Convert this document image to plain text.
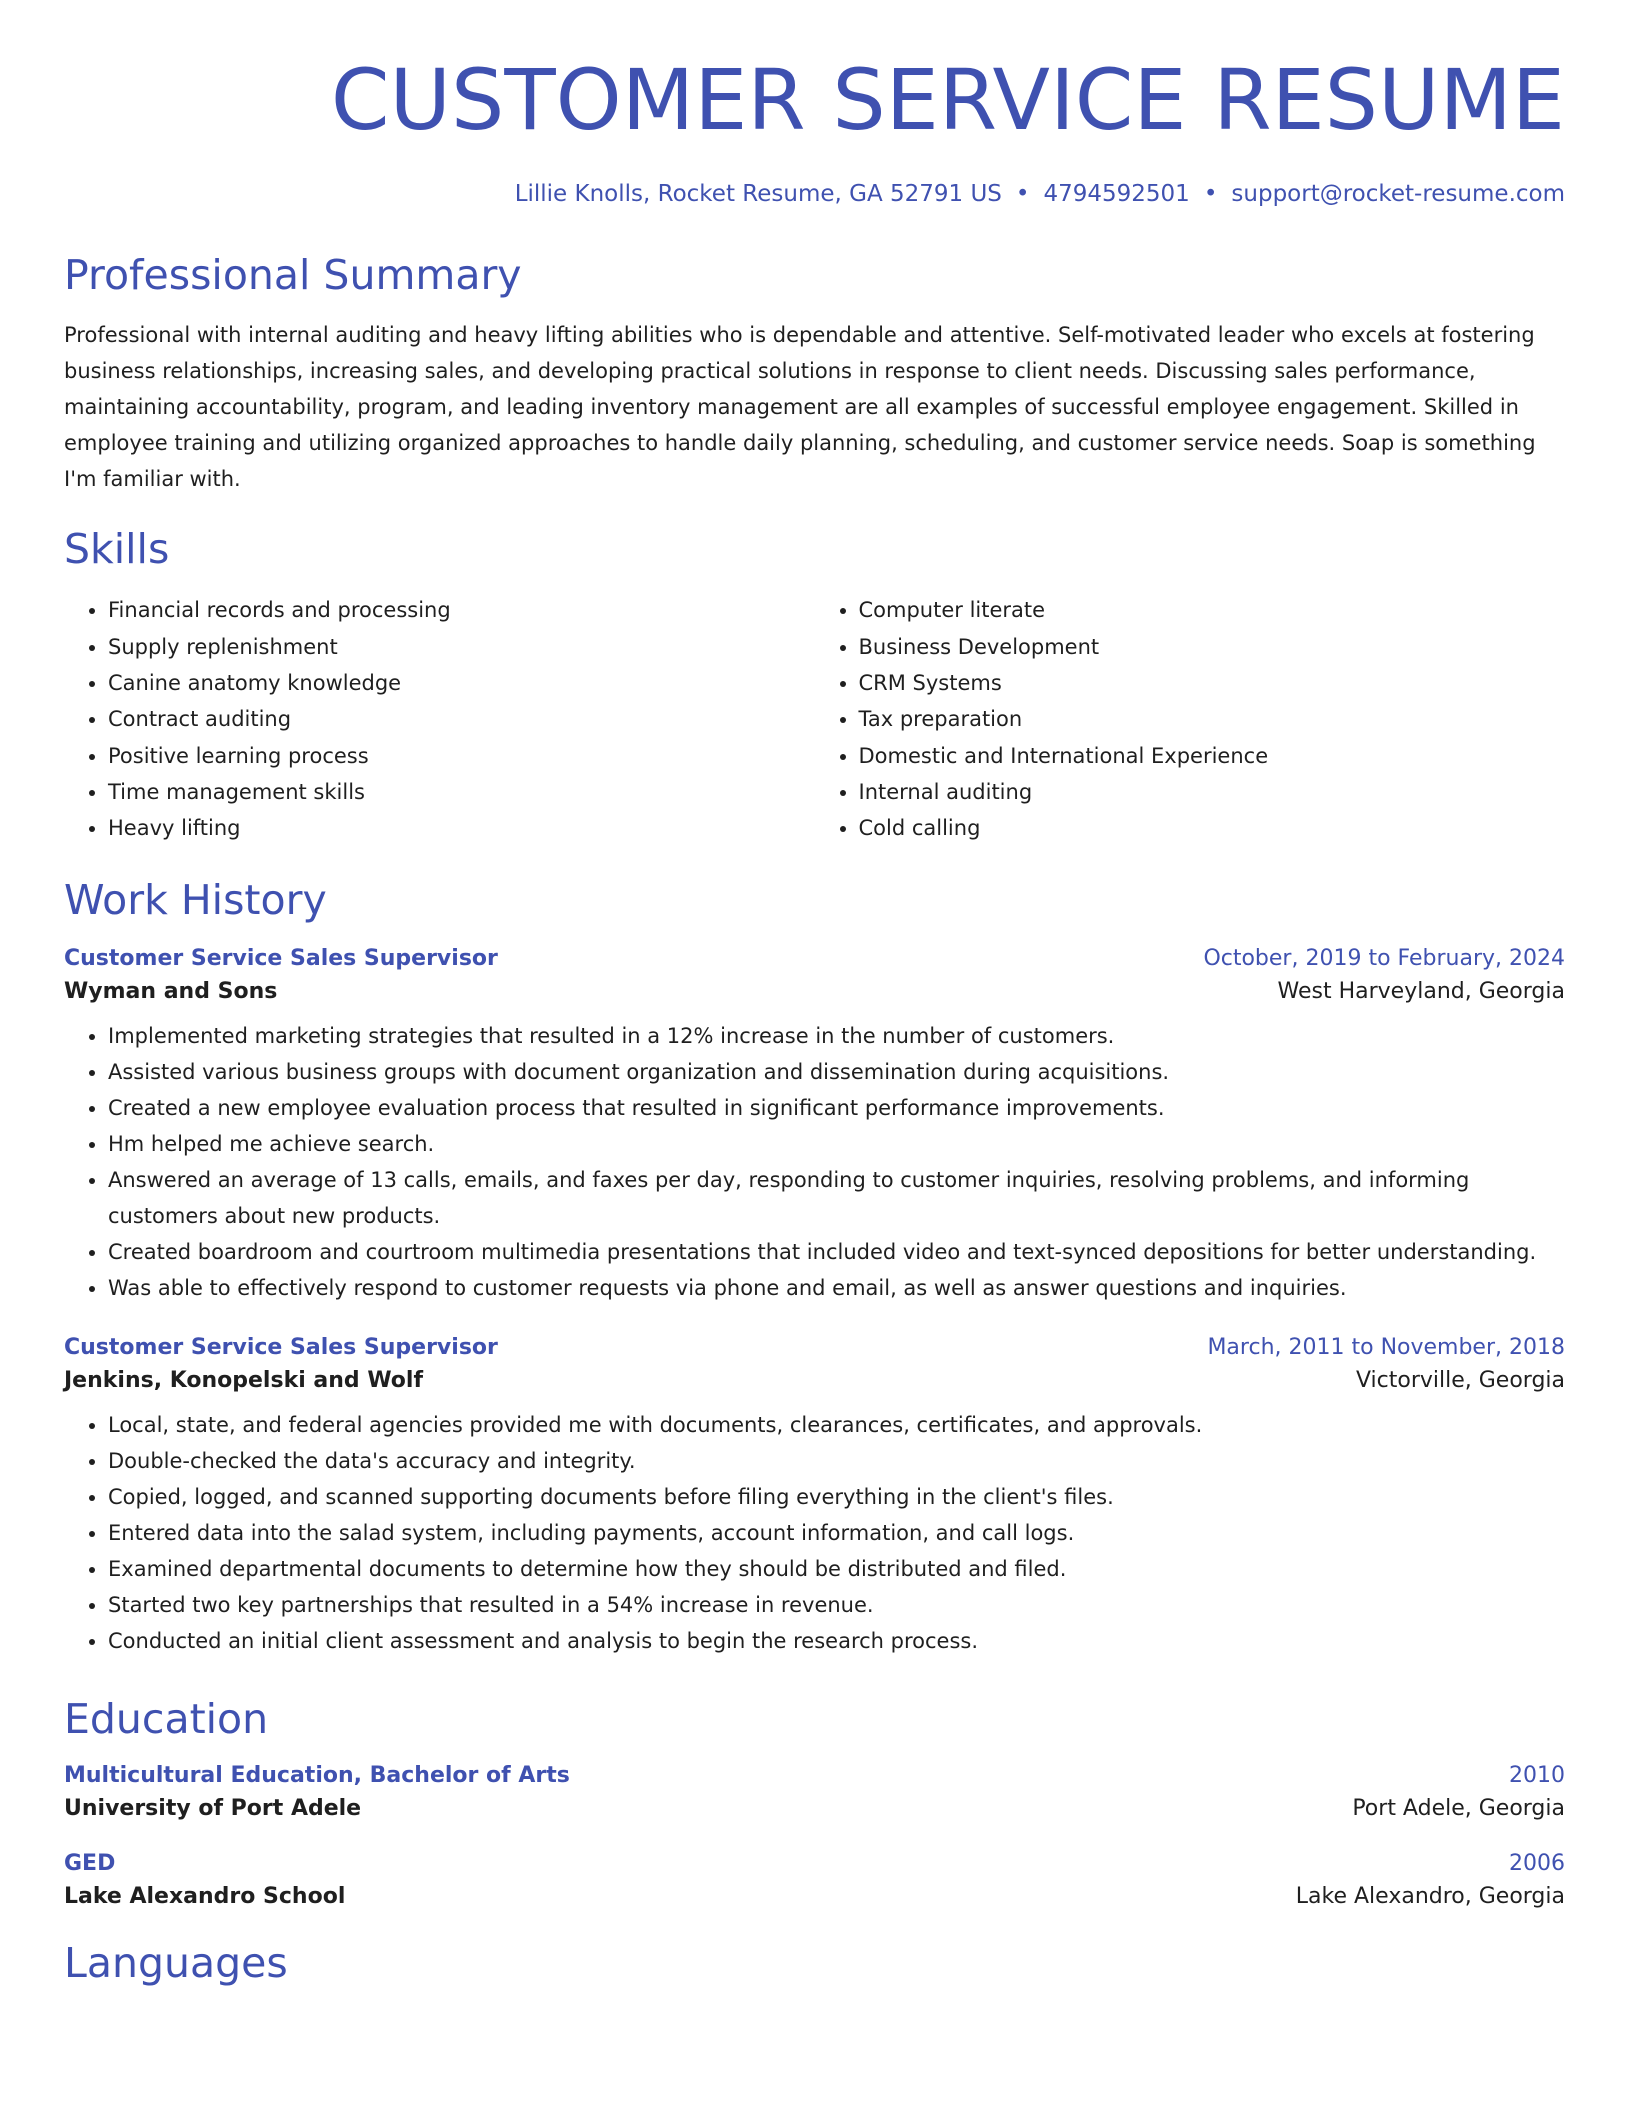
CUSTOMER SERVICE RESUME
Lillie Knolls, Rocket Resume, GA 52791 US • 4794592501 • support@rocket-resume.com
Professional Summary
Professional with internal auditing and heavy lifting abilities who is dependable and attentive. Self-motivated leader who excels at fostering business relationships, increasing sales, and developing practical solutions in response to client needs. Discussing sales performance, maintaining accountability, program, and leading inventory management are all examples of successful employee engagement. Skilled in employee training and utilizing organized approaches to handle daily planning, scheduling, and customer service needs. Soap is something I'm familiar with.
Skills
• Financial records and processing
• Supply replenishment
• Canine anatomy knowledge
• Contract auditing
• Positive learning process
• Time management skills
• Heavy lifting
• Computer literate
• Business Development
• CRM Systems
• Tax preparation
• Domestic and International Experience
• Internal auditing
• Cold calling
Work History
Customer Service Sales Supervisor	October, 2019 to February, 2024
Wyman and Sons	West Harveyland, Georgia
• Implemented marketing strategies that resulted in a 12% increase in the number of customers.
• Assisted various business groups with document organization and dissemination during acquisitions.
• Created a new employee evaluation process that resulted in significant performance improvements.
• Hm helped me achieve search.
• Answered an average of 13 calls, emails, and faxes per day, responding to customer inquiries, resolving problems, and informing customers about new products.
• Created boardroom and courtroom multimedia presentations that included video and text-synced depositions for better understanding.
• Was able to effectively respond to customer requests via phone and email, as well as answer questions and inquiries.
Customer Service Sales Supervisor	March, 2011 to November, 2018
Jenkins, Konopelski and Wolf	Victorville, Georgia
• Local, state, and federal agencies provided me with documents, clearances, certificates, and approvals.
• Double-checked the data's accuracy and integrity.
• Copied, logged, and scanned supporting documents before filing everything in the client's files.
• Entered data into the salad system, including payments, account information, and call logs.
• Examined departmental documents to determine how they should be distributed and filed.
• Started two key partnerships that resulted in a 54% increase in revenue.
• Conducted an initial client assessment and analysis to begin the research process.
Education
Multicultural Education, Bachelor of Arts	2010
University of Port Adele	Port Adele, Georgia
GED	2006
Lake Alexandro School	Lake Alexandro, Georgia
Languages
